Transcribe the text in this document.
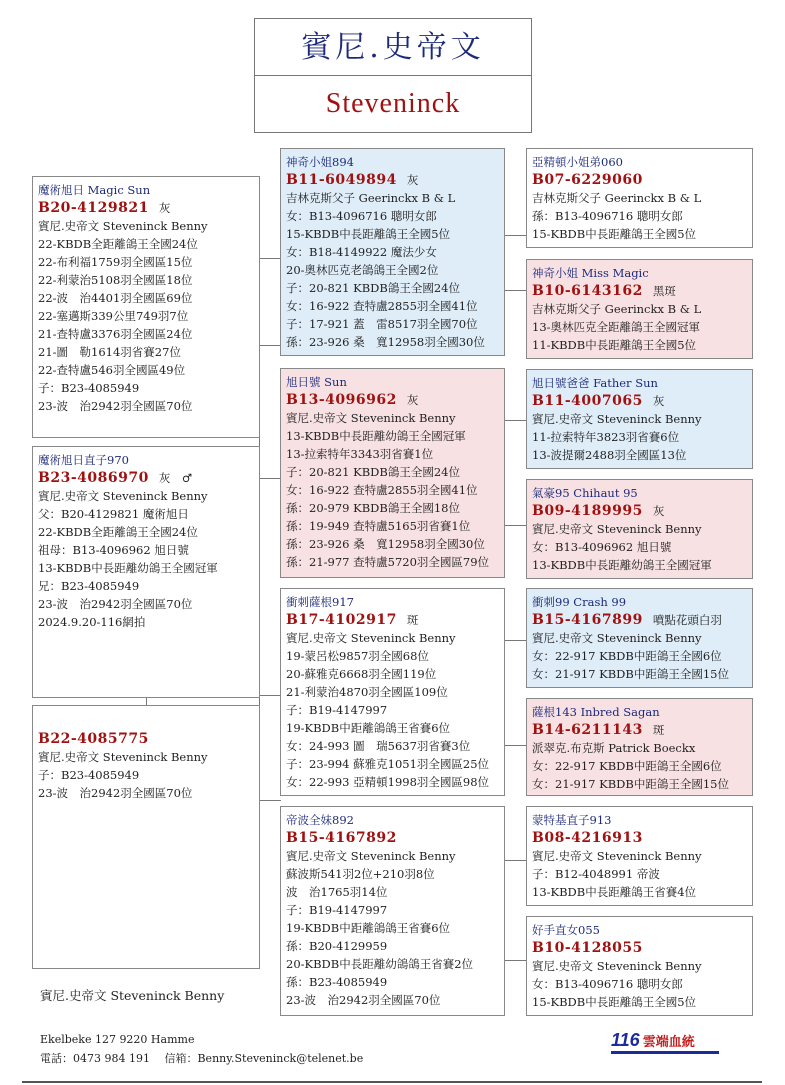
賓尼.史帝文
Steveninck
魔術旭日 Magic Sun
B20-4129821 灰
賓尼.史帝文 Steveninck Benny
22-KBDB全距離鴿王全國24位
22-布利福1759羽全國區15位
22-利蒙治5108羽全國區18位
22-波　治4401羽全國區69位
22-塞邁斯339公里749羽7位
21-查特盧3376羽全國區24位
21-圖　勒1614羽省賽27位
22-查特盧546羽全國區49位
子：B23-4085949
23-波　治2942羽全國區70位
魔術旭日直子970
B23-4086970 灰　♂
賓尼.史帝文 Steveninck Benny
父：B20-4129821 魔術旭日
22-KBDB全距離鴿王全國24位
祖母：B13-4096962 旭日號
13-KBDB中長距離幼鴿王全國冠軍
兄：B23-4085949
23-波　治2942羽全國區70位
2024.9.20-116網拍
B22-4085775
賓尼.史帝文 Steveninck Benny
子：B23-4085949
23-波　治2942羽全國區70位
神奇小姐894
B11-6049894 灰
吉林克斯父子 Geerinckx B & L
女：B13-4096716 聰明女郎
15-KBDB中長距離鴿王全國5位
女：B18-4149922 魔法少女
20-奧林匹克老鴿鴿王全國2位
子：20-821 KBDB鴿王全國24位
女：16-922 查特盧2855羽全國41位
子：17-921 蓋　雷8517羽全國70位
孫：23-926 桑　寬12958羽全國30位
旭日號 Sun
B13-4096962 灰
賓尼.史帝文 Steveninck Benny
13-KBDB中長距離幼鴿王全國冠軍
13-拉索特年3343羽省賽1位
子：20-821 KBDB鴿王全國24位
女：16-922 查特盧2855羽全國41位
孫：20-979 KBDB鴿王全國18位
孫：19-949 查特盧5165羽省賽1位
孫：23-926 桑　寬12958羽全國30位
孫：21-977 查特盧5720羽全國區79位
衝刺薩根917
B17-4102917 斑
賓尼.史帝文 Steveninck Benny
19-蒙呂松9857羽全國68位
20-蘇雅克6668羽全國119位
21-利蒙治4870羽全國區109位
子：B19-4147997
19-KBDB中距離鴿鴿王省賽6位
女：24-993 圖　瑞5637羽省賽3位
子：23-994 蘇雅克1051羽全國區25位
女：22-993 亞精頓1998羽全國區98位
帝波全妹892
B15-4167892
賓尼.史帝文 Steveninck Benny
蘇波斯541羽2位+210羽8位
波　治1765羽14位
子：B19-4147997
19-KBDB中距離鴿鴿王省賽6位
孫：B20-4129959
20-KBDB中長距離幼鴿鴿王省賽2位
孫：B23-4085949
23-波　治2942羽全國區70位
亞精頓小姐弟060
B07-6229060
吉林克斯父子 Geerinckx B & L
孫：B13-4096716 聰明女郎
15-KBDB中長距離鴿王全國5位
神奇小姐 Miss Magic
B10-6143162 黑斑
吉林克斯父子 Geerinckx B & L
13-奧林匹克全距離鴿王全國冠軍
11-KBDB中長距離鴿王全國5位
旭日號爸爸 Father Sun
B11-4007065 灰
賓尼.史帝文 Steveninck Benny
11-拉索特年3823羽省賽6位
13-波提爾2488羽全國區13位
氣豪95 Chihaut 95
B09-4189995 灰
賓尼.史帝文 Steveninck Benny
女：B13-4096962 旭日號
13-KBDB中長距離幼鴿王全國冠軍
衝刺99 Crash 99
B15-4167899 噴點花頭白羽
賓尼.史帝文 Steveninck Benny
女：22-917 KBDB中距鴿王全國6位
女：21-917 KBDB中距鴿王全國15位
薩根143 Inbred Sagan
B14-6211143 斑
派翠克.布克斯 Patrick Boeckx
女：22-917 KBDB中距鴿王全國6位
女：21-917 KBDB中距鴿王全國15位
蒙特基直子913
B08-4216913
賓尼.史帝文 Steveninck Benny
子：B12-4048991 帝波
13-KBDB中長距離鴿王省賽4位
好手直女055
B10-4128055
賓尼.史帝文 Steveninck Benny
女：B13-4096716 聰明女郎
15-KBDB中長距離鴿王全國5位
賓尼.史帝文 Steveninck Benny
Ekelbeke 127 9220 Hamme
電話：0473 984 191　 信箱：Benny.Steveninck@telenet.be
116 雲端血統
